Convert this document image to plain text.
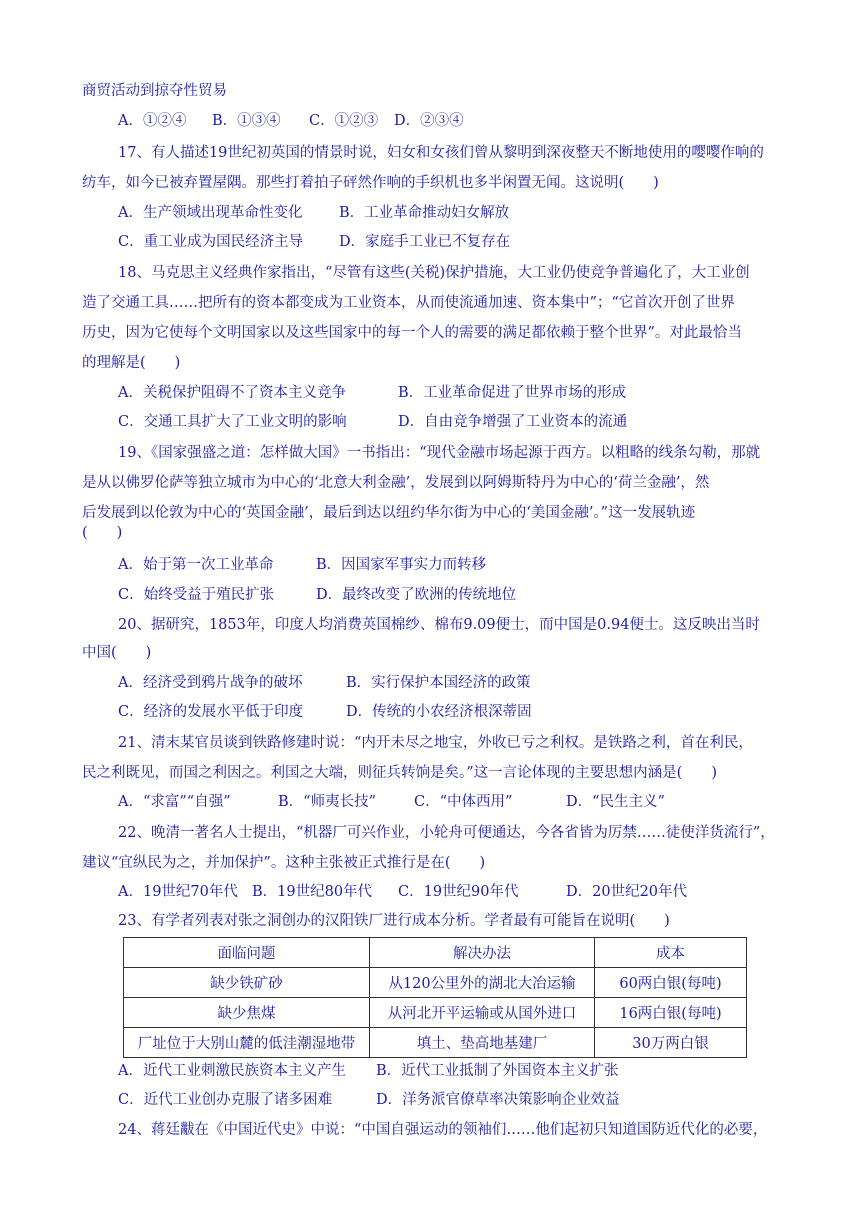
商贸活动到掠夺性贸易
A．①②④ B．①③④ C．①②③ D．②③④
17、有人描述19世纪初英国的情景时说，妇女和女孩们曾从黎明到深夜整天不断地使用的嘤嘤作响的
纺车，如今已被弃置屋隅。那些打着拍子砰然作响的手织机也多半闲置无闻。这说明(　　)
A．生产领域出现革命性变化	B．工业革命推动妇女解放
C．重工业成为国民经济主导 D．家庭手工业已不复存在
18、马克思主义经典作家指出，“尽管有这些(关税)保护措施，大工业仍使竞争普遍化了，大工业创
造了交通工具……把所有的资本都变成为工业资本，从而使流通加速、资本集中”；“它首次开创了世界
历史，因为它使每个文明国家以及这些国家中的每一个人的需要的满足都依赖于整个世界”。对此最恰当
的理解是(　　)
A．关税保护阻碍不了资本主义竞争	B．工业革命促进了世界市场的形成
C．交通工具扩大了工业文明的影响	D．自由竞争增强了工业资本的流通
19、《国家强盛之道：怎样做大国》一书指出：“现代金融市场起源于西方。以粗略的线条勾勒，那就
是从以佛罗伦萨等独立城市为中心的‘北意大利金融’，发展到以阿姆斯特丹为中心的‘荷兰金融’，然
后发展到以伦敦为中心的‘英国金融’，最后到达以纽约华尔街为中心的‘美国金融’。”这一发展轨迹
(　　)
A．始于第一次工业革命	B．因国家军事实力而转移
C．始终受益于殖民扩张	D．最终改变了欧洲的传统地位
20、据研究，1853年，印度人均消费英国棉纱、棉布9.09便士，而中国是0.94便士。这反映出当时
中国(　　)
A．经济受到鸦片战争的破坏	B．实行保护本国经济的政策
C．经济的发展水平低于印度	D．传统的小农经济根深蒂固
21、清末某官员谈到铁路修建时说：“内开未尽之地宝，外收已亏之利权。是铁路之利，首在利民，
民之利既见，而国之利因之。利国之大端，则征兵转饷是矣。”这一言论体现的主要思想内涵是(　　)
A．“求富”“自强”	B．“师夷长技”	C．“中体西用”	D．“民生主义”
22、晚清一著名人士提出，“机器厂可兴作业，小轮舟可便通达，今各省皆为厉禁……徒使洋货流行”，
建议“宜纵民为之，并加保护”。这种主张被正式推行是在(　　)
A．19世纪70年代 B．19世纪80年代 C．19世纪90年代	D．20世纪20年代
23、有学者列表对张之洞创办的汉阳铁厂进行成本分析。学者最有可能旨在说明(　　)
面临问题	解决办法	成本
缺少铁矿砂	从120公里外的湖北大冶运输	60两白银(每吨)
缺少焦煤	从河北开平运输或从国外进口	16两白银(每吨)
厂址位于大别山麓的低洼潮湿地带	填土、垫高地基建厂	30万两白银
A．近代工业刺激民族资本主义产生 B．近代工业抵制了外国资本主义扩张
C．近代工业创办克服了诸多困难	D．洋务派官僚草率决策影响企业效益
24、蒋廷黻在《中国近代史》中说：“中国自强运动的领袖们……他们起初只知道国防近代化的必要，
